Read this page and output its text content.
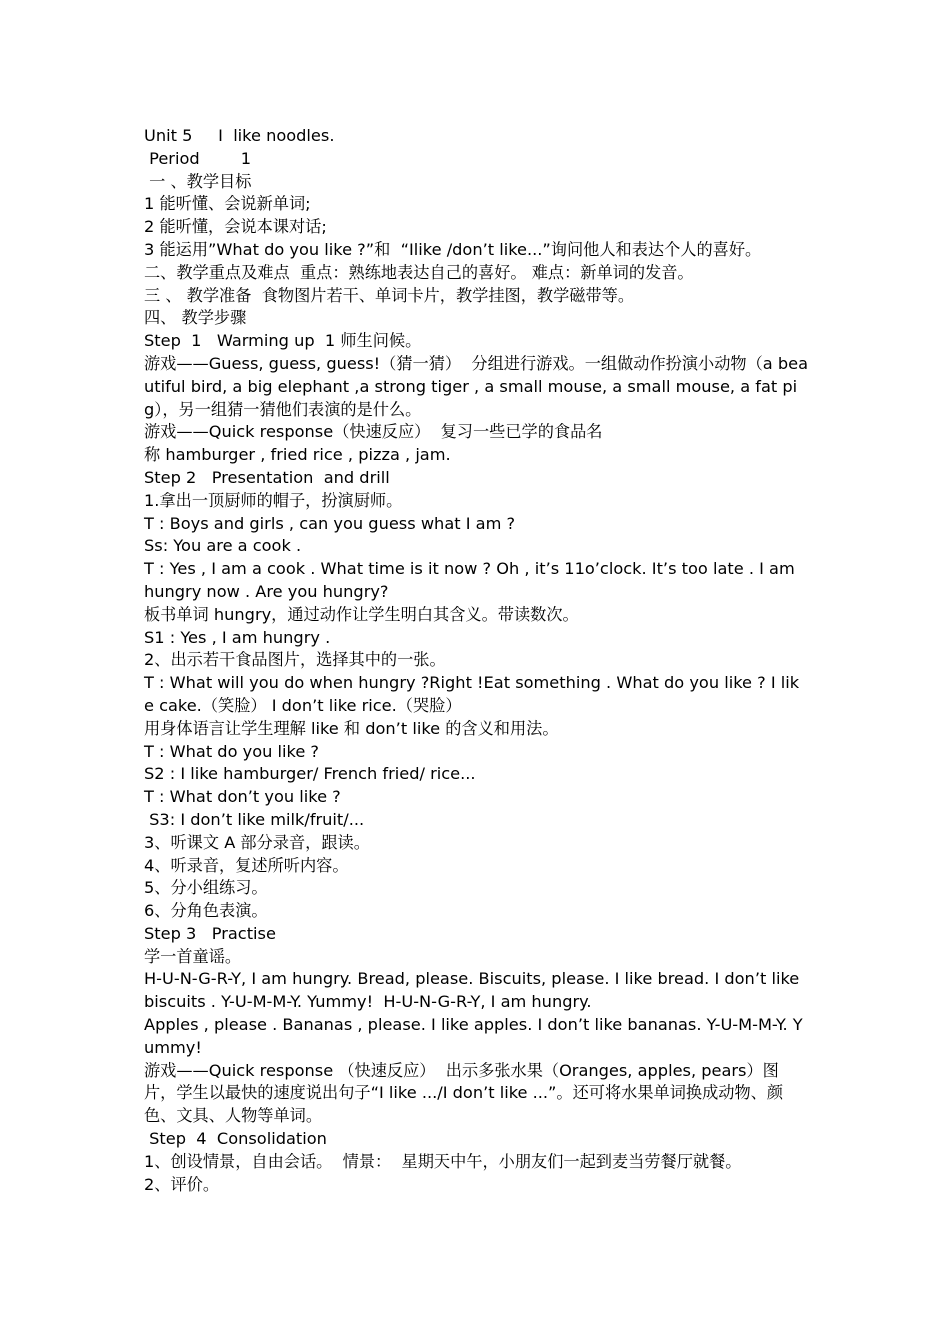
Unit 5     I  like noodles.
Period        1
一 、教学目标
1 能听懂、会说新单词;
2 能听懂，会说本课对话;
3 能运用”What do you like ?”和  “Ilike /don’t like...”询问他人和表达个人的喜好。
二、教学重点及难点  重点：熟练地表达自己的喜好。 难点：新单词的发音。
三 、 教学准备  食物图片若干、单词卡片，教学挂图，教学磁带等。
四、 教学步骤
Step  1   Warming up  1 师生问候。
游戏——Guess, guess, guess!（猜一猜）  分组进行游戏。一组做动作扮演小动物（a beautiful bird, a big elephant ,a strong tiger , a small mouse, a small mouse, a fat pig），另一组猜一猜他们表演的是什么。
游戏——Quick response（快速反应）  复习一些已学的食品名
称 hamburger , fried rice , pizza , jam.
Step 2   Presentation  and drill
1.拿出一顶厨师的帽子，扮演厨师。
T : Boys and girls , can you guess what I am ?
Ss: You are a cook .
T : Yes , I am a cook . What time is it now ? Oh , it’s 11o’clock. It’s too late . I am hungry now . Are you hungry?
板书单词 hungry，通过动作让学生明白其含义。带读数次。
S1 : Yes , I am hungry .
2、出示若干食品图片，选择其中的一张。
T : What will you do when hungry ?Right !Eat something . What do you like ? I like cake.（笑脸） I don’t like rice.（哭脸）
用身体语言让学生理解 like 和 don’t like 的含义和用法。
T : What do you like ?
S2 : I like hamburger/ French fried/ rice...
T : What don’t you like ?
S3: I don’t like milk/fruit/...
3、听课文 A 部分录音，跟读。
4、听录音，复述所听内容。
5、分小组练习。
6、分角色表演。
Step 3   Practise
学一首童谣。
H-U-N-G-R-Y, I am hungry. Bread, please. Biscuits, please. I like bread. I don’t like biscuits . Y-U-M-M-Y. Yummy!  H-U-N-G-R-Y, I am hungry.
Apples , please . Bananas , please. I like apples. I don’t like bananas. Y-U-M-M-Y. Yummy!
游戏——Quick response （快速反应）  出示多张水果（Oranges, apples, pears）图片，学生以最快的速度说出句子“I like .../I don’t like ...”。还可将水果单词换成动物、颜色、文具、人物等单词。
Step  4  Consolidation
1、创设情景，自由会话。  情景：  星期天中午，小朋友们一起到麦当劳餐厅就餐。
2、评价。
